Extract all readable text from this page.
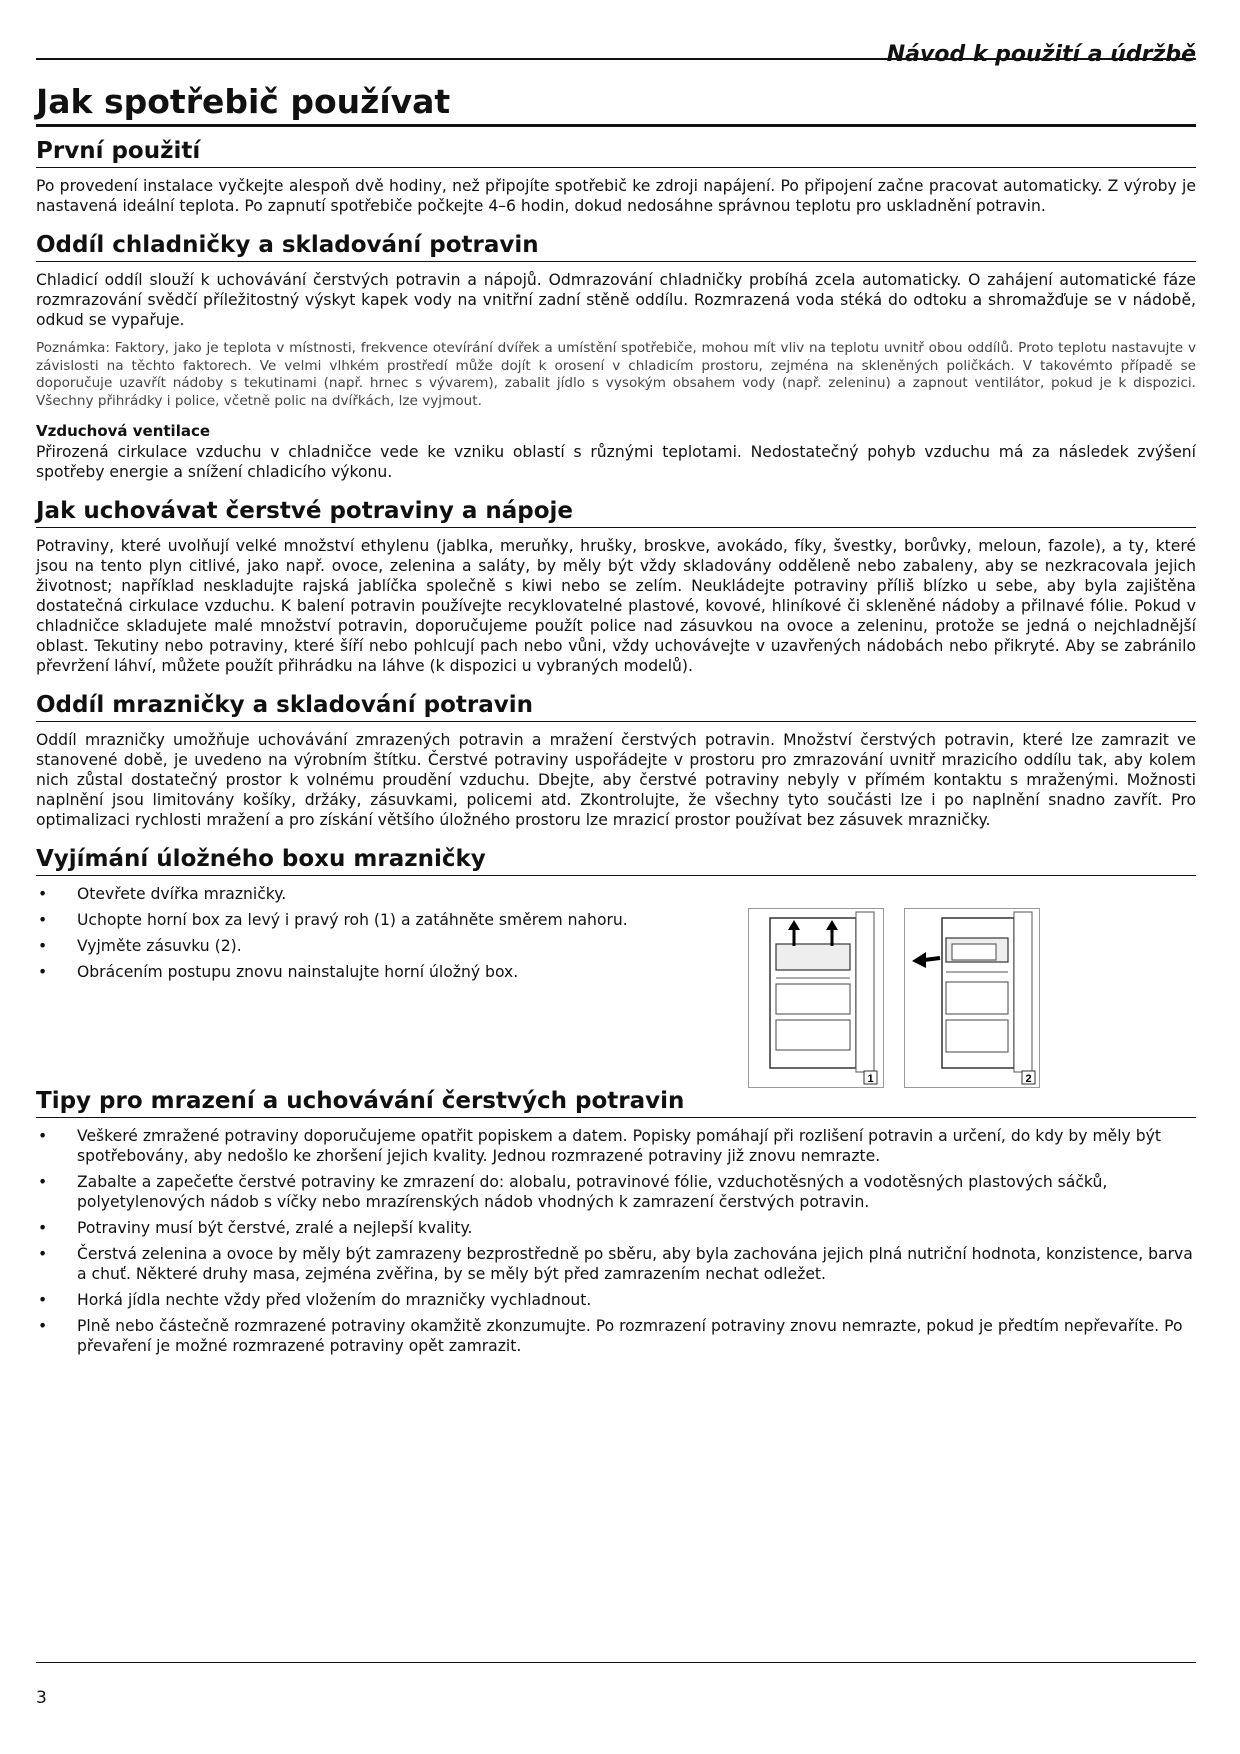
Návod k použití a údržbě
Jak spotřebič používat
První použití

Po provedení instalace vyčkejte alespoň dvě hodiny, než připojíte spotřebič ke zdroji napájení. Po připojení začne pracovat automaticky. Z výroby je nastavená ideální teplota. Po zapnutí spotřebiče počkejte 4–6 hodin, dokud nedosáhne správnou teplotu pro uskladnění potravin.

Oddíl chladničky a skladování potravin

Chladicí oddíl slouží k uchovávání čerstvých potravin a nápojů. Odmrazování chladničky probíhá zcela automaticky. O zahájení automatické fáze rozmrazování svědčí příležitostný výskyt kapek vody na vnitřní zadní stěně oddílu. Rozmrazená voda stéká do odtoku a shromažďuje se v nádobě, odkud se vypařuje.

Poznámka: Faktory, jako je teplota v místnosti, frekvence otevírání dvířek a umístění spotřebiče, mohou mít vliv na teplotu uvnitř obou oddílů. Proto teplotu nastavujte v závislosti na těchto faktorech. Ve velmi vlhkém prostředí může dojít k orosení v chladicím prostoru, zejména na skleněných poličkách. V takovémto případě se doporučuje uzavřít nádoby s tekutinami (např. hrnec s vývarem), zabalit jídlo s vysokým obsahem vody (např. zeleninu) a zapnout ventilátor, pokud je k dispozici. Všechny přihrádky i police, včetně polic na dvířkách, lze vyjmout.

Vzduchová ventilace

Přirozená cirkulace vzduchu v chladničce vede ke vzniku oblastí s různými teplotami. Nedostatečný pohyb vzduchu má za následek zvýšení spotřeby energie a snížení chladicího výkonu.

Jak uchovávat čerstvé potraviny a nápoje

Potraviny, které uvolňují velké množství ethylenu (jablka, meruňky, hrušky, broskve, avokádo, fíky, švestky, borůvky, meloun, fazole), a ty, které jsou na tento plyn citlivé, jako např. ovoce, zelenina a saláty, by měly být vždy skladovány odděleně nebo zabaleny, aby se nezkracovala jejich životnost; například neskladujte rajská jablíčka společně s kiwi nebo se zelím. Neukládejte potraviny příliš blízko u sebe, aby byla zajištěna dostatečná cirkulace vzduchu. K balení potravin používejte recyklovatelné plastové, kovové, hliníkové či skleněné nádoby a přilnavé fólie. Pokud v chladničce skladujete malé množství potravin, doporučujeme použít police nad zásuvkou na ovoce a zeleninu, protože se jedná o nejchladnější oblast. Tekutiny nebo potraviny, které šíří nebo pohlcují pach nebo vůni, vždy uchovávejte v uzavřených nádobách nebo přikryté. Aby se zabránilo převržení láhví, můžete použít přihrádku na láhve (k dispozici u vybraných modelů).

Oddíl mrazničky a skladování potravin

Oddíl mrazničky umožňuje uchovávání zmrazených potravin a mražení čerstvých potravin. Množství čerstvých potravin, které lze zamrazit ve stanovené době, je uvedeno na výrobním štítku. Čerstvé potraviny uspořádejte v prostoru pro zmrazování uvnitř mrazicího oddílu tak, aby kolem nich zůstal dostatečný prostor k volnému proudění vzduchu. Dbejte, aby čerstvé potraviny nebyly v přímém kontaktu s mraženými. Možnosti naplnění jsou limitovány košíky, držáky, zásuvkami, policemi atd. Zkontrolujte, že všechny tyto součásti lze i po naplnění snadno zavřít. Pro optimalizaci rychlosti mražení a pro získání většího úložného prostoru lze mrazicí prostor používat bez zásuvek mrazničky.

Vyjímání úložného boxu mrazničky
• Otevřete dvířka mrazničky.
• Uchopte horní box za levý i pravý roh (1) a zatáhněte směrem nahoru.
• Vyjměte zásuvku (2).
• Obrácením postupu znovu nainstalujte horní úložný box.
1	2
Tipy pro mrazení a uchovávání čerstvých potravin
• Veškeré zmražené potraviny doporučujeme opatřit popiskem a datem. Popisky pomáhají při rozlišení potravin a určení, do kdy by měly být spotřebovány, aby nedošlo ke zhoršení jejich kvality. Jednou rozmrazené potraviny již znovu nemrazte.
• Zabalte a zapečeťte čerstvé potraviny ke zmrazení do: alobalu, potravinové fólie, vzduchotěsných a vodotěsných plastových sáčků, polyetylenových nádob s víčky nebo mrazírenských nádob vhodných k zamrazení čerstvých potravin.
• Potraviny musí být čerstvé, zralé a nejlepší kvality.
• Čerstvá zelenina a ovoce by měly být zamrazeny bezprostředně po sběru, aby byla zachována jejich plná nutriční hodnota, konzistence, barva a chuť. Některé druhy masa, zejména zvěřina, by se měly být před zamrazením nechat odležet.
• Horká jídla nechte vždy před vložením do mrazničky vychladnout.
• Plně nebo částečně rozmrazené potraviny okamžitě zkonzumujte. Po rozmrazení potraviny znovu nemrazte, pokud je předtím nepřevaříte. Po převaření je možné rozmrazené potraviny opět zamrazit.
3
